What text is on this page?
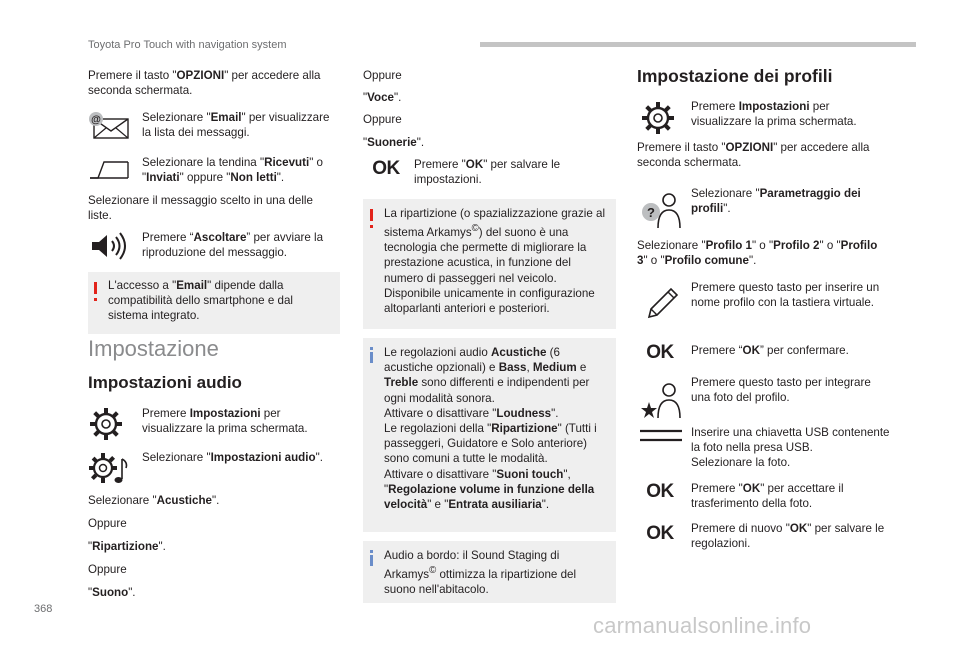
Toyota Pro Touch with navigation system
Premere il tasto "OPZIONI" per accedere alla seconda schermata.
@	Selezionare "Email" per visualizzare la lista dei messaggi.
Selezionare la tendina "Ricevuti" o "Inviati" oppure "Non letti".
Selezionare il messaggio scelto in una delle liste.
Premere “Ascoltare” per avviare la riproduzione del messaggio.
L'accesso a "Email" dipende dalla compatibilità dello smartphone e dal sistema integrato.
Impostazione
Impostazioni audio
Premere Impostazioni per visualizzare la prima schermata.
Selezionare "Impostazioni audio".
Selezionare "Acustiche".
Oppure
"Ripartizione".
Oppure
"Suono".
Oppure
"Voce".
Oppure
"Suonerie".
OK	Premere "OK" per salvare le impostazioni.
La ripartizione (o spazializzazione grazie al sistema Arkamys©) del suono è una tecnologia che permette di migliorare la prestazione acustica, in funzione del numero di passeggeri nel veicolo.
Disponibile unicamente in configurazione altoparlanti anteriori e posteriori.
Le regolazioni audio Acustiche (6 acustiche opzionali) e Bass, Medium e Treble sono differenti e indipendenti per ogni modalità sonora.
Attivare o disattivare "Loudness".
Le regolazioni della "Ripartizione" (Tutti i passeggeri, Guidatore e Solo anteriore) sono comuni a tutte le modalità.
Attivare o disattivare "Suoni touch", "Regolazione volume in funzione della velocità" e "Entrata ausiliaria".
Audio a bordo: il Sound Staging di Arkamys© ottimizza la ripartizione del suono nell'abitacolo.
Impostazione dei profili
Premere Impostazioni per visualizzare la prima schermata.
Premere il tasto "OPZIONI" per accedere alla seconda schermata.
?
Selezionare "Parametraggio dei profili".
Selezionare "Profilo 1" o "Profilo 2" o "Profilo 3" o "Profilo comune".
Premere questo tasto per inserire un nome profilo con la tastiera virtuale.
OK	Premere “OK” per confermare.
Premere questo tasto per integrare una foto del profilo.
Inserire una chiavetta USB contenente la foto nella presa USB.
Selezionare la foto.
OK	Premere "OK" per accettare il trasferimento della foto.
OK	Premere di nuovo "OK" per salvare le regolazioni.
368
carmanualsonline.info
